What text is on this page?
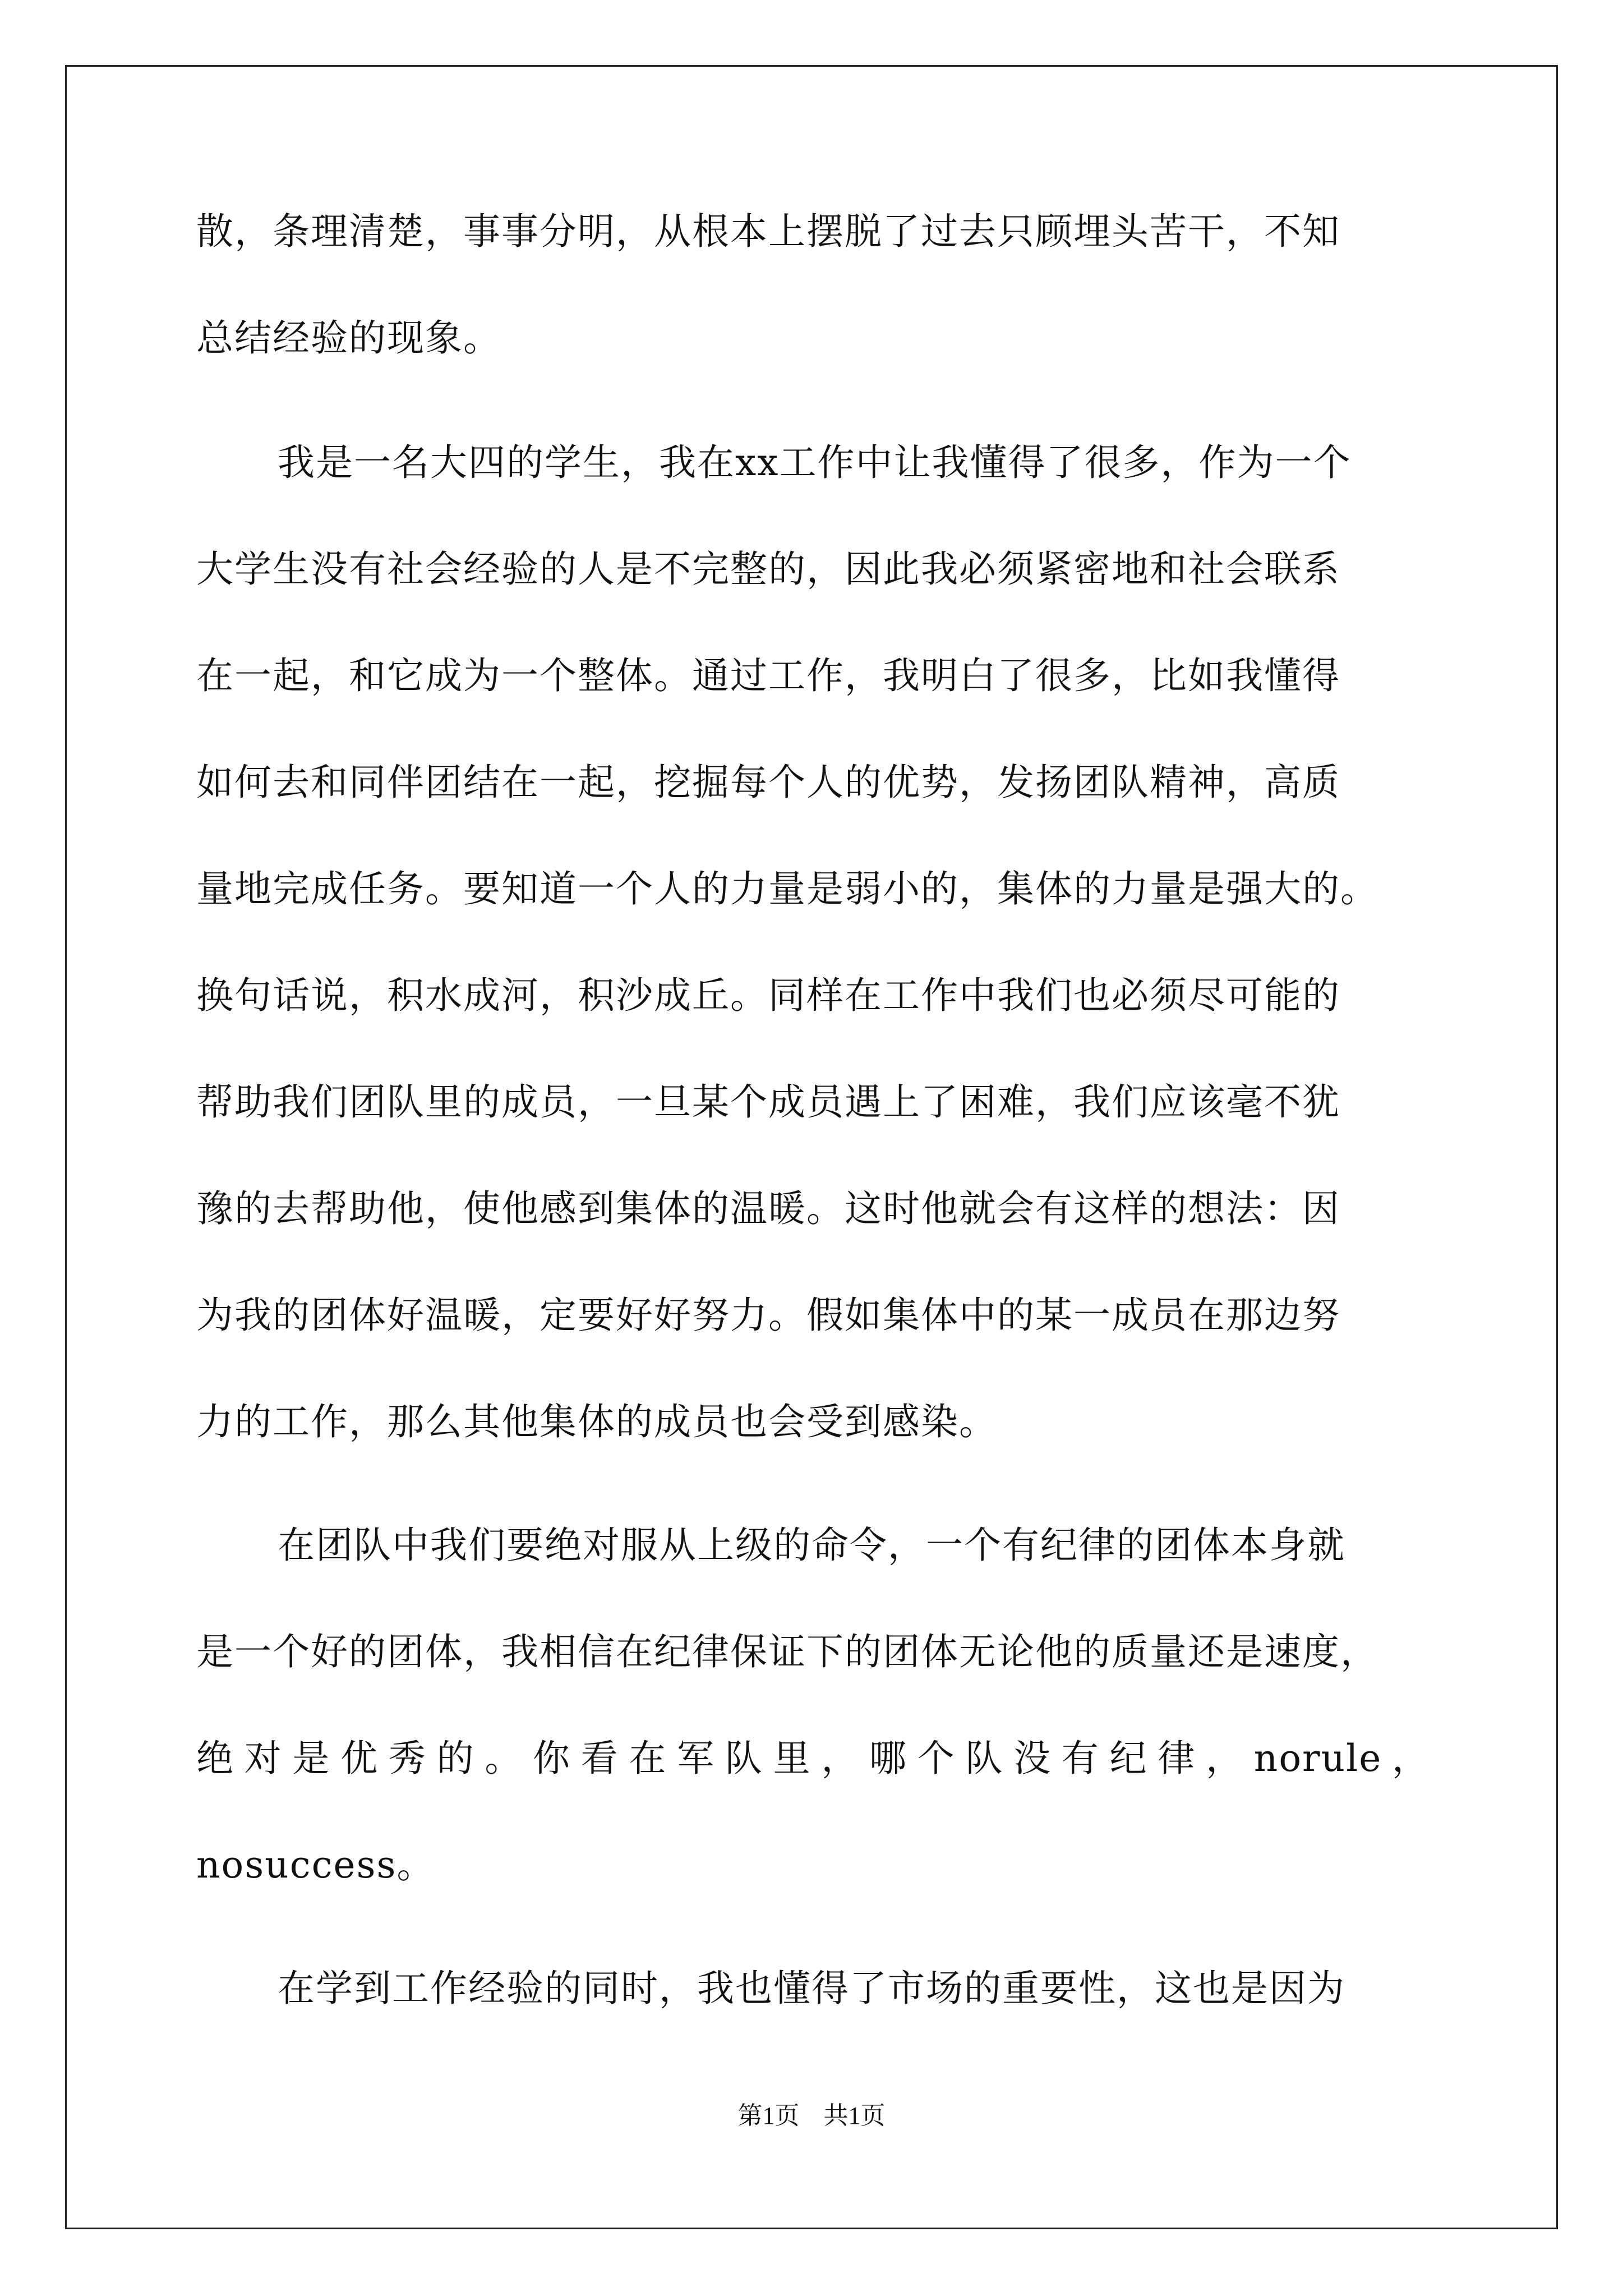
散，条理清楚，事事分明，从根本上摆脱了过去只顾埋头苦干，不知
总结经验的现象。
我是一名大四的学生，我在xx工作中让我懂得了很多，作为一个
大学生没有社会经验的人是不完整的，因此我必须紧密地和社会联系
在一起，和它成为一个整体。通过工作，我明白了很多，比如我懂得
如何去和同伴团结在一起，挖掘每个人的优势，发扬团队精神，高质
量地完成任务。要知道一个人的力量是弱小的，集体的力量是强大的。
换句话说，积水成河，积沙成丘。同样在工作中我们也必须尽可能的
帮助我们团队里的成员，一旦某个成员遇上了困难，我们应该毫不犹
豫的去帮助他，使他感到集体的温暖。这时他就会有这样的想法：因
为我的团体好温暖，定要好好努力。假如集体中的某一成员在那边努
力的工作，那么其他集体的成员也会受到感染。
在团队中我们要绝对服从上级的命令，一个有纪律的团体本身就
是一个好的团体，我相信在纪律保证下的团体无论他的质量还是速度，
绝对是优秀的。你看在军队里，哪个队没有纪律，norule，
nosuccess。
在学到工作经验的同时，我也懂得了市场的重要性，这也是因为
第1页 共1页
